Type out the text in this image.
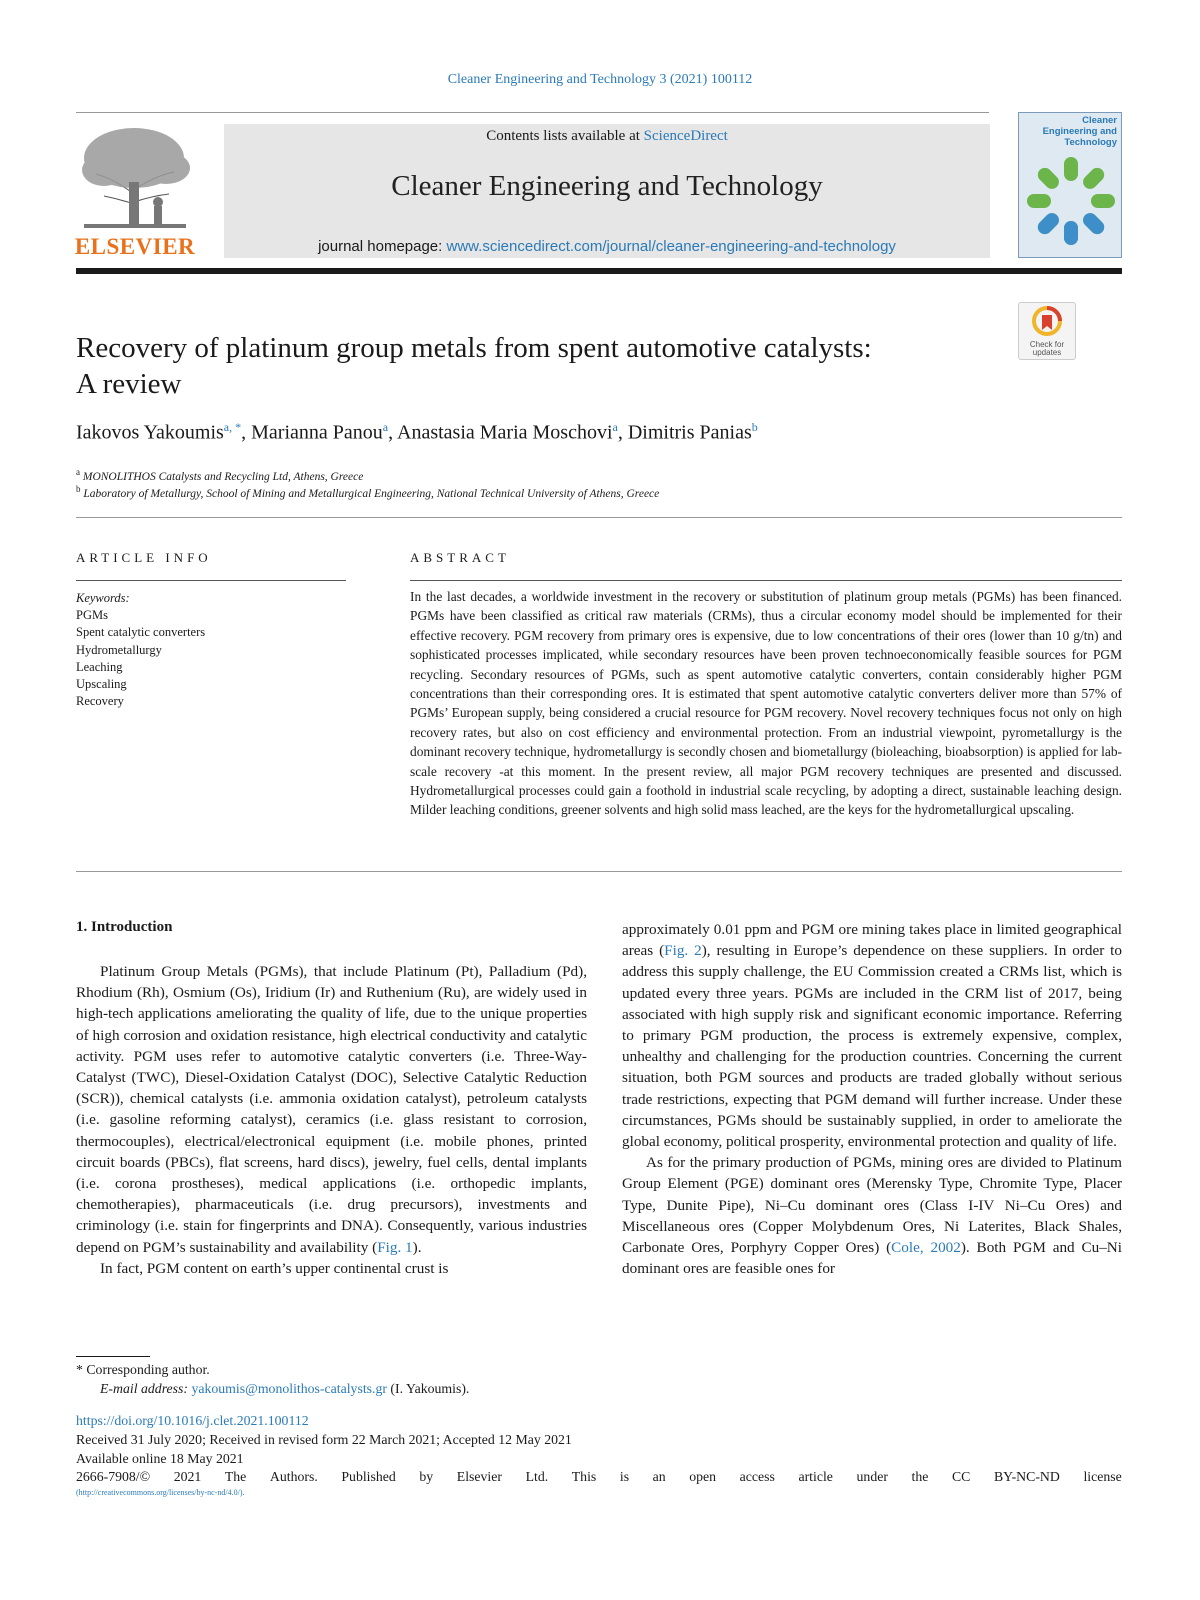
Cleaner Engineering and Technology 3 (2021) 100112
ELSEVIER
Contents lists available at ScienceDirect
Cleaner Engineering and Technology
journal homepage: www.sciencedirect.com/journal/cleaner-engineering-and-technology
Cleaner Engineering and Technology
Recovery of platinum group metals from spent automotive catalysts:
A review
Check for updates
Iakovos Yakoumis$^{a, *}$, Marianna Panou$^a$, Anastasia Maria Moschovi$^a$, Dimitris Panias$^b$
$^a$ MONOLITHOS Catalysts and Recycling Ltd, Athens, Greece
$^b$ Laboratory of Metallurgy, School of Mining and Metallurgical Engineering, National Technical University of Athens, Greece
ARTICLE INFO	ABSTRACT
Keywords:
PGMs
Spent catalytic converters
Hydrometallurgy
Leaching
Upscaling
Recovery
In the last decades, a worldwide investment in the recovery or substitution of platinum group metals (PGMs) has been financed. PGMs have been classified as critical raw materials (CRMs), thus a circular economy model should be implemented for their effective recovery. PGM recovery from primary ores is expensive, due to low concentrations of their ores (lower than 10 g/tn) and sophisticated processes implicated, while secondary resources have been proven technoeconomically feasible sources for PGM recycling. Secondary resources of PGMs, such as spent automotive catalytic converters, contain considerably higher PGM concentrations than their corresponding ores. It is estimated that spent automotive catalytic converters deliver more than 57% of PGMs’ European supply, being considered a crucial resource for PGM recovery. Novel recovery techniques focus not only on high recovery rates, but also on cost efficiency and environmental protection. From an industrial viewpoint, pyrometallurgy is the dominant recovery technique, hydrometallurgy is secondly chosen and biometallurgy (bioleaching, bioabsorption) is applied for lab-scale recovery -at this moment. In the present review, all major PGM recovery techniques are presented and discussed. Hydrometallurgical processes could gain a foothold in industrial scale recycling, by adopting a direct, sustainable leaching design. Milder leaching conditions, greener solvents and high solid mass leached, are the keys for the hydrometallurgical upscaling.
1. Introduction

Platinum Group Metals (PGMs), that include Platinum (Pt), Palladium (Pd), Rhodium (Rh), Osmium (Os), Iridium (Ir) and Ruthenium (Ru), are widely used in high-tech applications ameliorating the quality of life, due to the unique properties of high corrosion and oxidation resistance, high electrical conductivity and catalytic activity. PGM uses refer to automotive catalytic converters (i.e. Three-Way-Catalyst (TWC), Diesel-Oxidation Catalyst (DOC), Selective Catalytic Reduction (SCR)), chemical catalysts (i.e. ammonia oxidation catalyst), petroleum catalysts (i.e. gasoline reforming catalyst), ceramics (i.e. glass resistant to corrosion, thermocouples), electrical/electronical equipment (i.e. mobile phones, printed circuit boards (PBCs), flat screens, hard discs), jewelry, fuel cells, dental implants (i.e. corona prostheses), medical applications (i.e. orthopedic implants, chemotherapies), pharmaceuticals (i.e. drug precursors), investments and criminology (i.e. stain for fingerprints and DNA). Consequently, various industries depend on PGM’s sustainability and availability (Fig. 1).

In fact, PGM content on earth’s upper continental crust is

approximately 0.01 ppm and PGM ore mining takes place in limited geographical areas (Fig. 2), resulting in Europe’s dependence on these suppliers. In order to address this supply challenge, the EU Commission created a CRMs list, which is updated every three years. PGMs are included in the CRM list of 2017, being associated with high supply risk and significant economic importance. Referring to primary PGM production, the process is extremely expensive, complex, unhealthy and challenging for the production countries. Concerning the current situation, both PGM sources and products are traded globally without serious trade restrictions, expecting that PGM demand will further increase. Under these circumstances, PGMs should be sustainably supplied, in order to ameliorate the global economy, political prosperity, environmental protection and quality of life.

As for the primary production of PGMs, mining ores are divided to Platinum Group Element (PGE) dominant ores (Merensky Type, Chromite Type, Placer Type, Dunite Pipe), Ni–Cu dominant ores (Class I-IV Ni–Cu Ores) and Miscellaneous ores (Copper Molybdenum Ores, Ni Laterites, Black Shales, Carbonate Ores, Porphyry Copper Ores) (Cole, 2002). Both PGM and Cu–Ni dominant ores are feasible ones for

* Corresponding author.
E-mail address: yakoumis@monolithos-catalysts.gr (I. Yakoumis).
https://doi.org/10.1016/j.clet.2021.100112
Received 31 July 2020; Received in revised form 22 March 2021; Accepted 12 May 2021
Available online 18 May 2021
2666-7908/© 2021 The Authors. Published by Elsevier Ltd. This is an open access article under the CC BY-NC-ND license
(http://creativecommons.org/licenses/by-nc-nd/4.0/).
